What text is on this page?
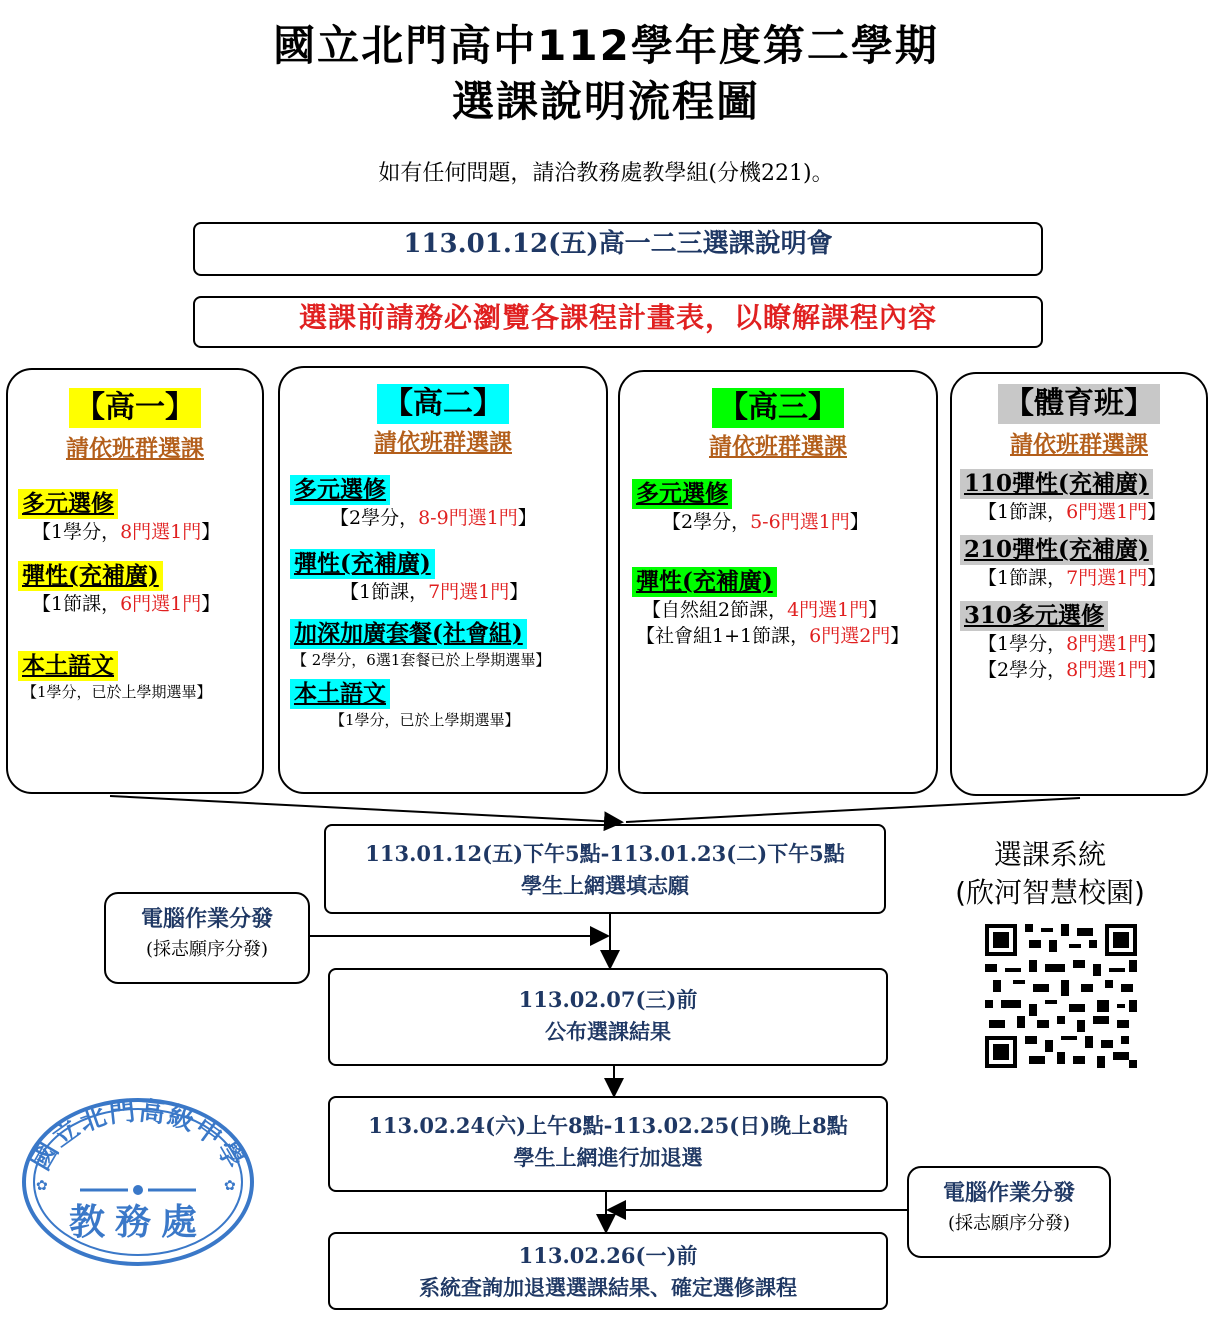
國立北門高中112學年度第二學期
選課說明流程圖
如有任何問題，請洽教務處教學組(分機221)。
113.01.12(五)高一二三選課說明會
選課前請務必瀏覽各課程計畫表，以瞭解課程內容
【高一】
請依班群選課
多元選修
【1學分，8門選1門】
彈性(充補廣)
【1節課，6門選1門】
本土語文
【1學分，已於上學期選畢】
【高二】
請依班群選課
多元選修
【2學分，8-9門選1門】
彈性(充補廣)
【1節課，7門選1門】
加深加廣套餐(社會組)
【 2學分，6選1套餐已於上學期選畢】
本土語文
【1學分，已於上學期選畢】
【高三】
請依班群選課
多元選修
【2學分，5-6門選1門】
彈性(充補廣)
【自然組2節課，4門選1門】
【社會組1+1節課，6門選2門】
【體育班】
請依班群選課
110彈性(充補廣)
【1節課，6門選1門】
210彈性(充補廣)
【1節課，7門選1門】
310多元選修
【1學分，8門選1門】
【2學分，8門選1門】
113.01.12(五)下午5點-113.01.23(二)下午5點
學生上網選填志願
113.02.07(三)前
公布選課結果
113.02.24(六)上午8點-113.02.25(日)晚上8點
學生上網進行加退選
113.02.26(一)前
系統查詢加退選選課結果、確定選修課程
電腦作業分發
(採志願序分發)
電腦作業分發
(採志願序分發)
選課系統
(欣河智慧校園)
國立北門高級中學
✿	✿
教務處
